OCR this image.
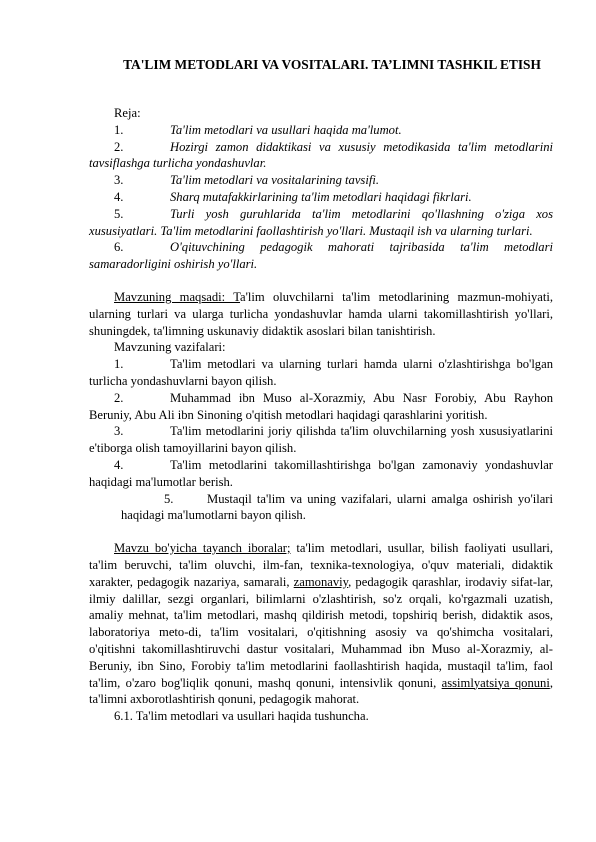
TA'LIM METODLARI VA VOSITALARI. TA’LIMNI TASHKIL ETISH

Reja:

1.	Ta'lim metodlari va usullari haqida ma'lumot.

2.	Hozirgi zamon didaktikasi va xususiy metodikasida ta'lim metodlarini tavsiflashga turlicha yondashuvlar.

3.	Ta'lim metodlari va vositalarining tavsifi.

4.	Sharq mutafakkirlarining ta'lim metodlari haqidagi fikrlari.

5.	Turli yosh guruhlarida ta'lim metodlarini qo'llashning o'ziga xos xususiyatlari. Ta'lim metodlarini faollashtirish yo'llari. Mustaqil ish va ularning turlari.

6.	O'qituvchining pedagogik mahorati tajribasida ta'lim metodlari samaradorligini oshirish yo'llari.

Mavzuning maqsadi: Ta'lim oluvchilarni ta'lim metodlarining mazmun-mohiyati, ularning turlari va ularga turlicha yondashuvlar hamda ularni takomillashtirish yo'llari, shuningdek, ta'limning uskunaviy didaktik asoslari bilan tanishtirish.

Mavzuning vazifalari:

1.	Ta'lim metodlari va ularning turlari hamda ularni o'zlashtirishga bo'lgan turlicha yondashuvlarni bayon qilish.

2.	Muhammad ibn Muso al-Xorazmiy, Abu Nasr Forobiy, Abu Rayhon Beruniy, Abu Ali ibn Sinoning o'qitish metodlari haqidagi qarashlarini yoritish.

3.	Ta'lim metodlarini joriy qilishda ta'lim oluvchilarning yosh xususiyatlarini e'tiborga olish tamoyillarini bayon qilish.

4.	Ta'lim metodlarini takomillashtirishga bo'lgan zamonaviy yondashuvlar haqidagi ma'lumotlar berish.

5.	Mustaqil ta'lim va uning vazifalari, ularni amalga oshirish yo'ilari haqidagi ma'lumotlarni bayon qilish.

Mavzu bo'yicha tayanch iboralar; ta'lim metodlari, usullar, bilish faoliyati usullari, ta'lim beruvchi, ta'lim oluvchi, ilm-fan, texnika-texnologiya, o'quv materiali, didaktik xarakter, pedagogik nazariya, samarali, zamonaviy, pedagogik qarashlar, irodaviy sifat-lar, ilmiy dalillar, sezgi organlari, bilimlarni o'zlashtirish, so'z orqali, ko'rgazmali uzatish, amaliy mehnat, ta'lim metodlari, mashq qildirish metodi, topshiriq berish, didaktik asos, laboratoriya meto-di, ta'lim vositalari, o'qitishning asosiy va qo'shimcha vositalari, o'qitishni takomillashtiruvchi dastur vositalari, Muhammad ibn Muso al-Xorazmiy, al-Beruniy, ibn Sino, Forobiy ta'lim metodlarini faollashtirish haqida, mustaqil ta'lim, faol ta'lim, o'zaro bog'liqlik qonuni, mashq qonuni, intensivlik qonuni, assimlyatsiya qonuni, ta'limni axborotlashtirish qonuni, pedagogik mahorat.

6.1. Ta'lim metodlari va usullari haqida tushuncha.
